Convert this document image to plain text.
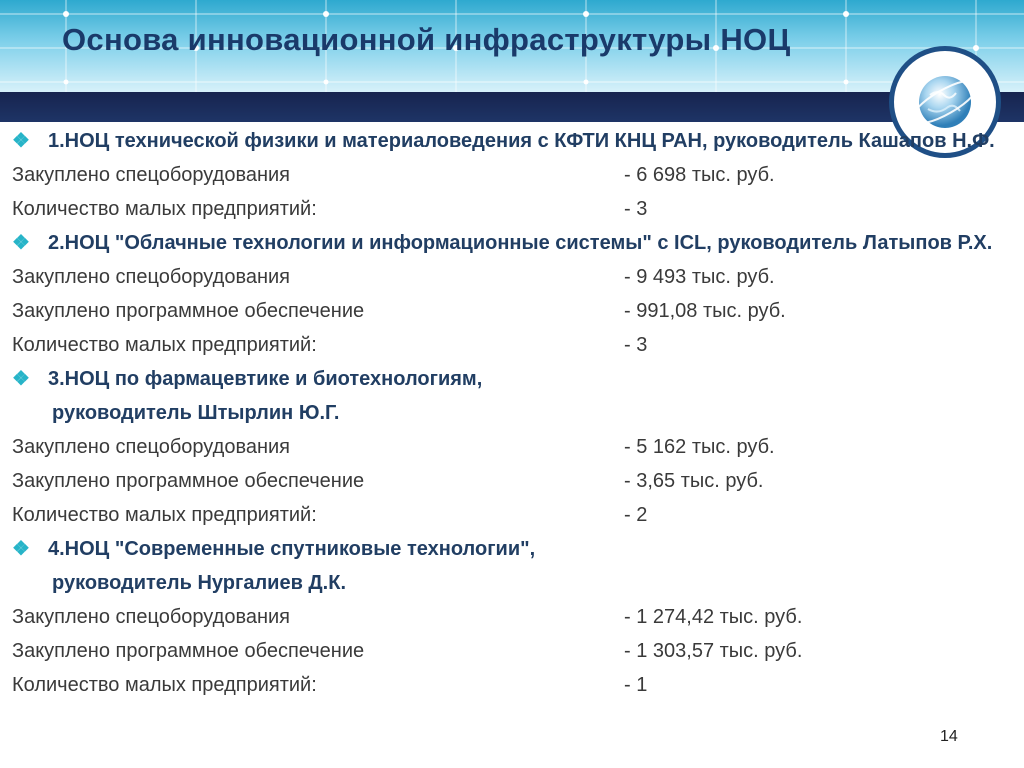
Основа инновационной инфраструктуры НОЦ
❖ 1.НОЦ технической физики и материаловедения с КФТИ КНЦ РАН, руководитель Кашапов Н.Ф.
Закуплено спецоборудования	- 6 698 тыс. руб.
Количество малых предприятий:	- 3
❖ 2.НОЦ "Облачные технологии и информационные системы" с ICL, руководитель Латыпов Р.Х.
Закуплено спецоборудования	- 9 493 тыс. руб.
Закуплено программное обеспечение	- 991,08 тыс. руб.
Количество малых предприятий:	- 3
❖ 3.НОЦ по фармацевтике и биотехнологиям,
руководитель Штырлин Ю.Г.
Закуплено спецоборудования	- 5 162 тыс. руб.
Закуплено программное обеспечение	- 3,65 тыс. руб.
Количество малых предприятий:	- 2
❖ 4.НОЦ "Современные спутниковые технологии",
руководитель Нургалиев Д.К.
Закуплено спецоборудования	- 1 274,42 тыс. руб.
Закуплено программное обеспечение	- 1 303,57 тыс. руб.
Количество малых предприятий:	- 1
14
